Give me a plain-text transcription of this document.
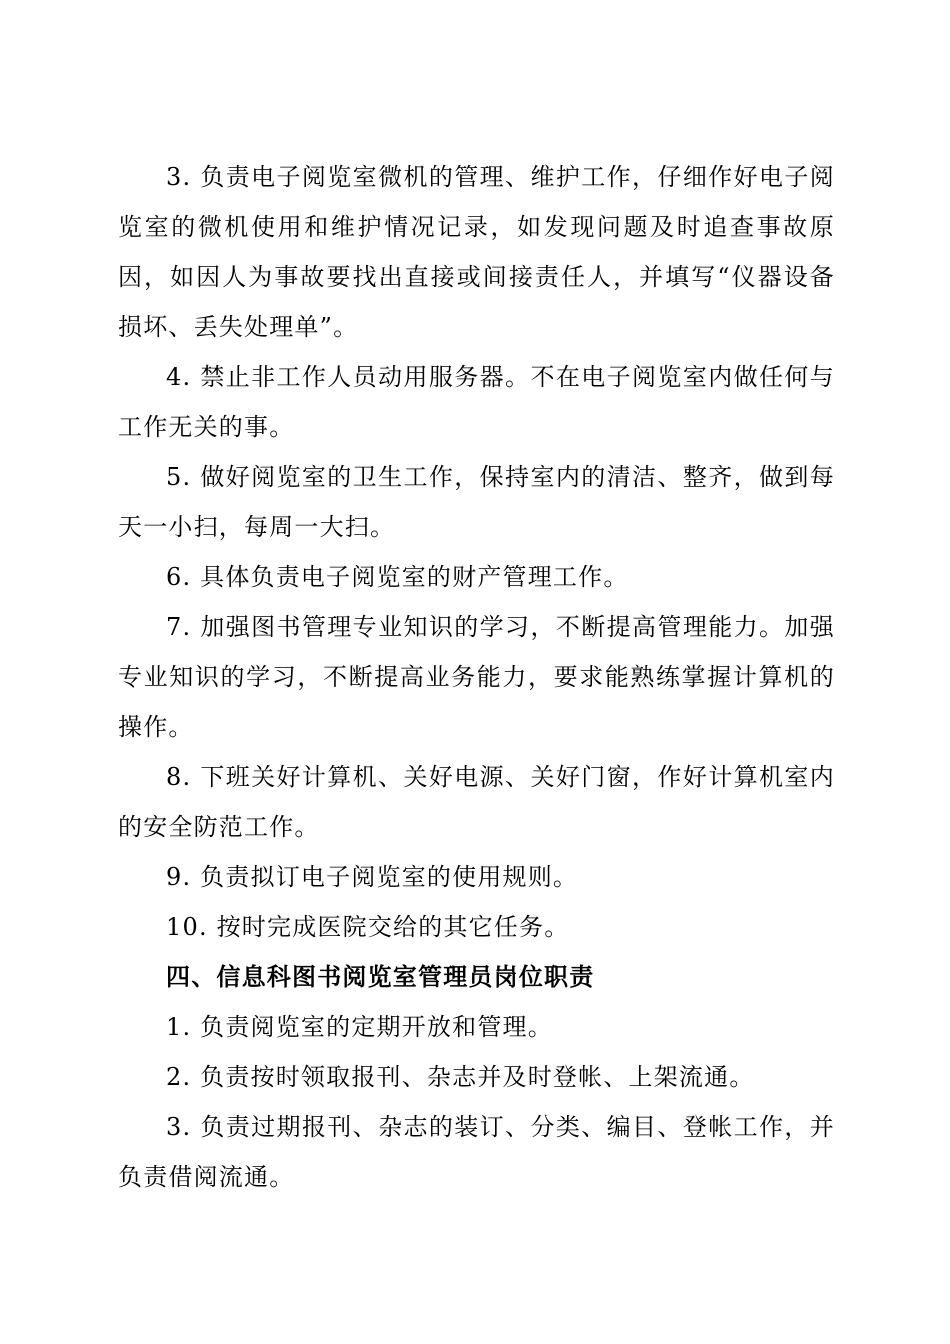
3. 负责电子阅览室微机的管理、维护工作，仔细作好电子阅览室的微机使用和维护情况记录，如发现问题及时追查事故原因，如因人为事故要找出直接或间接责任人，并填写“仪器设备损坏、丢失处理单”。

4. 禁止非工作人员动用服务器。不在电子阅览室内做任何与工作无关的事。

5. 做好阅览室的卫生工作，保持室内的清洁、整齐，做到每天一小扫，每周一大扫。

6. 具体负责电子阅览室的财产管理工作。

7. 加强图书管理专业知识的学习，不断提高管理能力。加强专业知识的学习，不断提高业务能力，要求能熟练掌握计算机的操作。

8. 下班关好计算机、关好电源、关好门窗，作好计算机室内的安全防范工作。

9. 负责拟订电子阅览室的使用规则。

10. 按时完成医院交给的其它任务。

四、信息科图书阅览室管理员岗位职责

1. 负责阅览室的定期开放和管理。

2. 负责按时领取报刊、杂志并及时登帐、上架流通。

3. 负责过期报刊、杂志的装订、分类、编目、登帐工作，并负责借阅流通。
